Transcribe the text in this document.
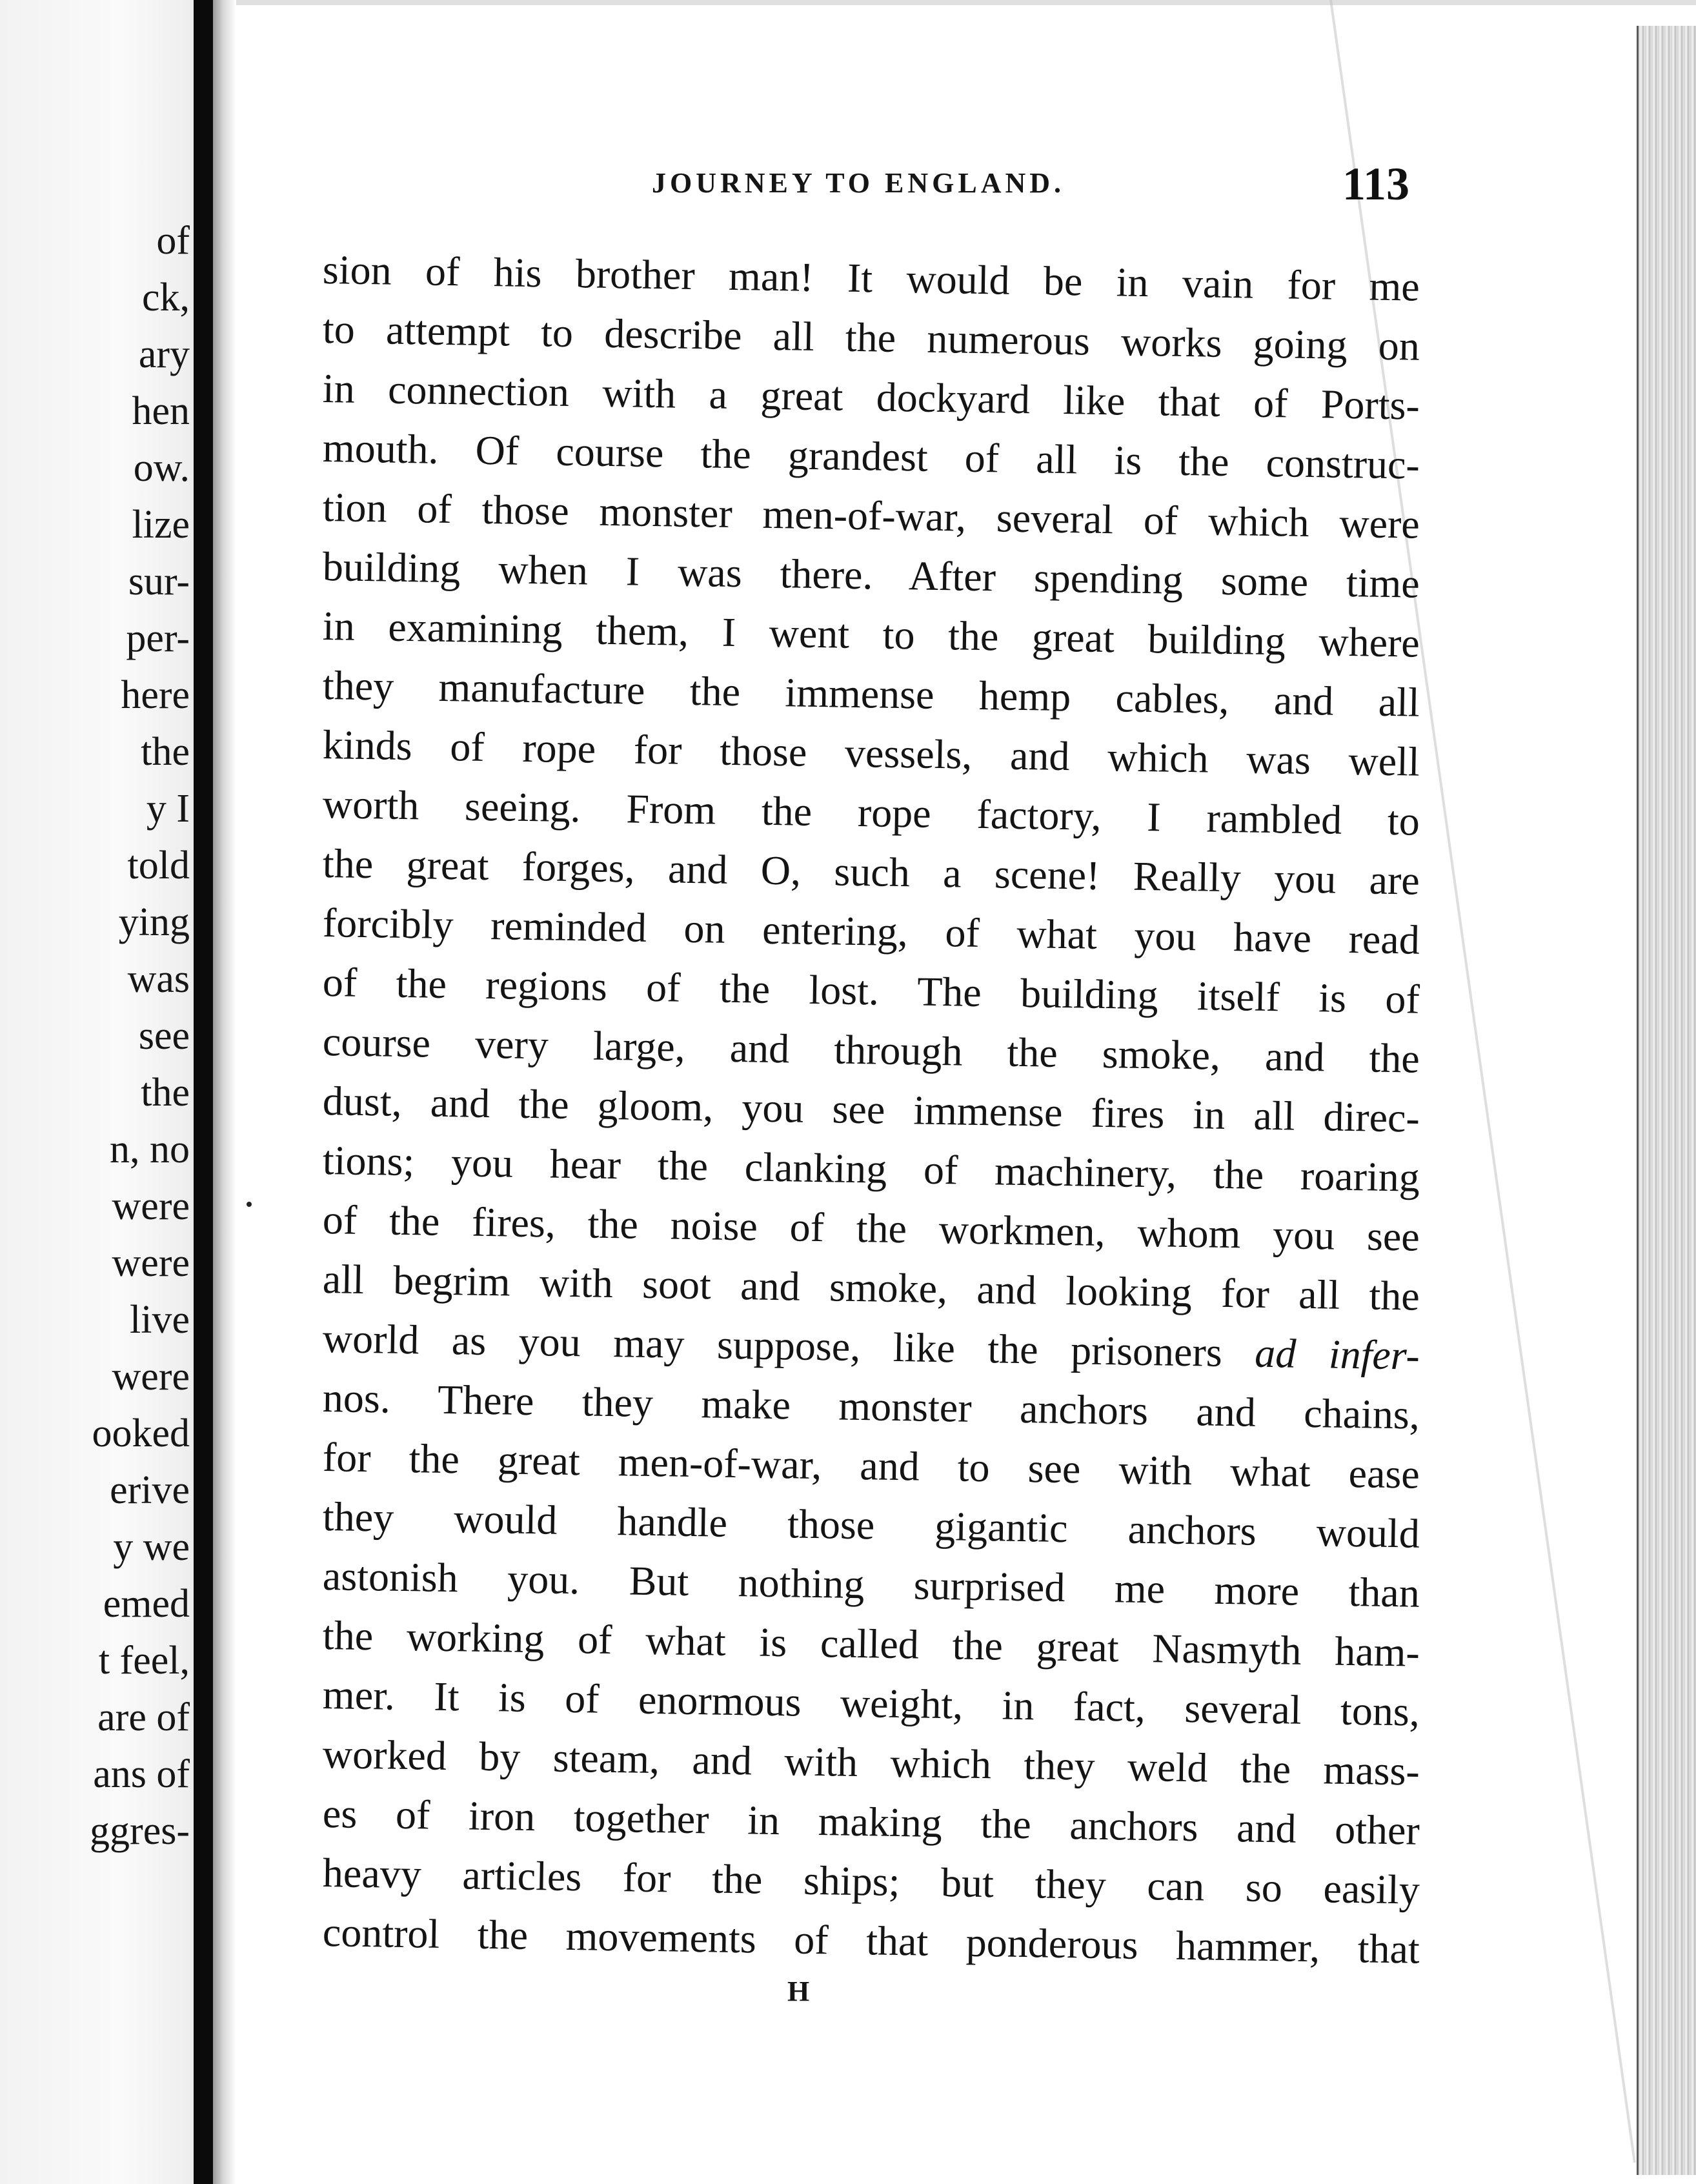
of
ck,
ary
hen
ow.
lize
sur-
per-
here
the
y I
told
ying
was
see
the
n, no
were
were
live
were
ooked
erive
y we
emed
t feel,
are of
ans of
ggres-
JOURNEY TO ENGLAND.	113
sion of his brother man! It would be in vain for me
to attempt to describe all the numerous works going on
in connection with a great dockyard like that of Ports-
mouth. Of course the grandest of all is the construc-
tion of those monster men-of-war, several of which were
building when I was there. After spending some time
in examining them, I went to the great building where
they manufacture the immense hemp cables, and all
kinds of rope for those vessels, and which was well
worth seeing. From the rope factory, I rambled to
the great forges, and O, such a scene! Really you are
forcibly reminded on entering, of what you have read
of the regions of the lost. The building itself is of
course very large, and through the smoke, and the
dust, and the gloom, you see immense fires in all direc-
tions; you hear the clanking of machinery, the roaring
of the fires, the noise of the workmen, whom you see
all begrim with soot and smoke, and looking for all the
world as you may suppose, like the prisoners ad infer-
nos. There they make monster anchors and chains,
for the great men-of-war, and to see with what ease
they would handle those gigantic anchors would
astonish you. But nothing surprised me more than
the working of what is called the great Nasmyth ham-
mer. It is of enormous weight, in fact, several tons,
worked by steam, and with which they weld the mass-
es of iron together in making the anchors and other
heavy articles for the ships; but they can so easily
control the movements of that ponderous hammer, that
H
